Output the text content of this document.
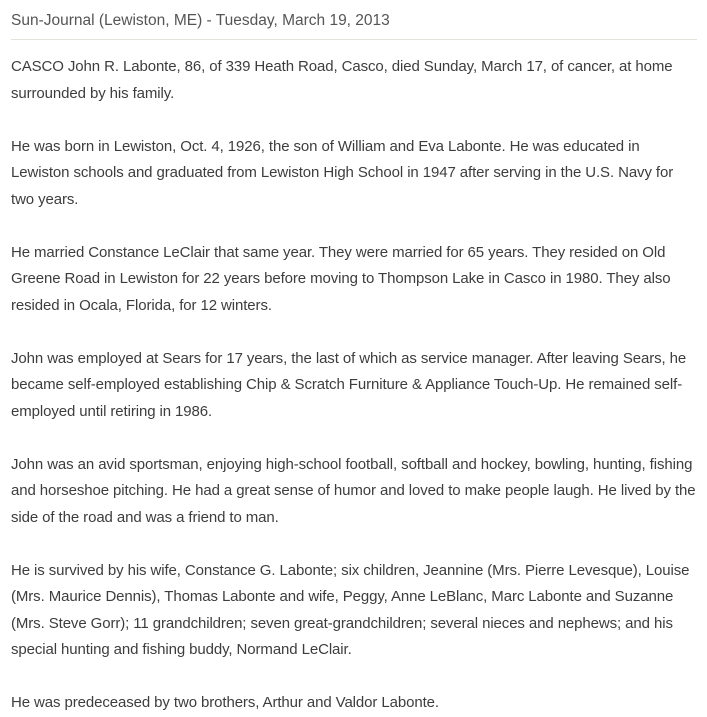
Sun-Journal (Lewiston, ME) - Tuesday, March 19, 2013

CASCO John R. Labonte, 86, of 339 Heath Road, Casco, died Sunday, March 17, of cancer, at home surrounded by his family.

He was born in Lewiston, Oct. 4, 1926, the son of William and Eva Labonte. He was educated in Lewiston schools and graduated from Lewiston High School in 1947 after serving in the U.S. Navy for two years.

He married Constance LeClair that same year. They were married for 65 years. They resided on Old Greene Road in Lewiston for 22 years before moving to Thompson Lake in Casco in 1980. They also resided in Ocala, Florida, for 12 winters.

John was employed at Sears for 17 years, the last of which as service manager. After leaving Sears, he became self-employed establishing Chip & Scratch Furniture & Appliance Touch-Up. He remained self-employed until retiring in 1986.

John was an avid sportsman, enjoying high-school football, softball and hockey, bowling, hunting, fishing and horseshoe pitching. He had a great sense of humor and loved to make people laugh. He lived by the side of the road and was a friend to man.

He is survived by his wife, Constance G. Labonte; six children, Jeannine (Mrs. Pierre Levesque), Louise (Mrs. Maurice Dennis), Thomas Labonte and wife, Peggy, Anne LeBlanc, Marc Labonte and Suzanne (Mrs. Steve Gorr); 11 grandchildren; seven great-grandchildren; several nieces and nephews; and his special hunting and fishing buddy, Normand LeClair.

He was predeceased by two brothers, Arthur and Valdor Labonte.
